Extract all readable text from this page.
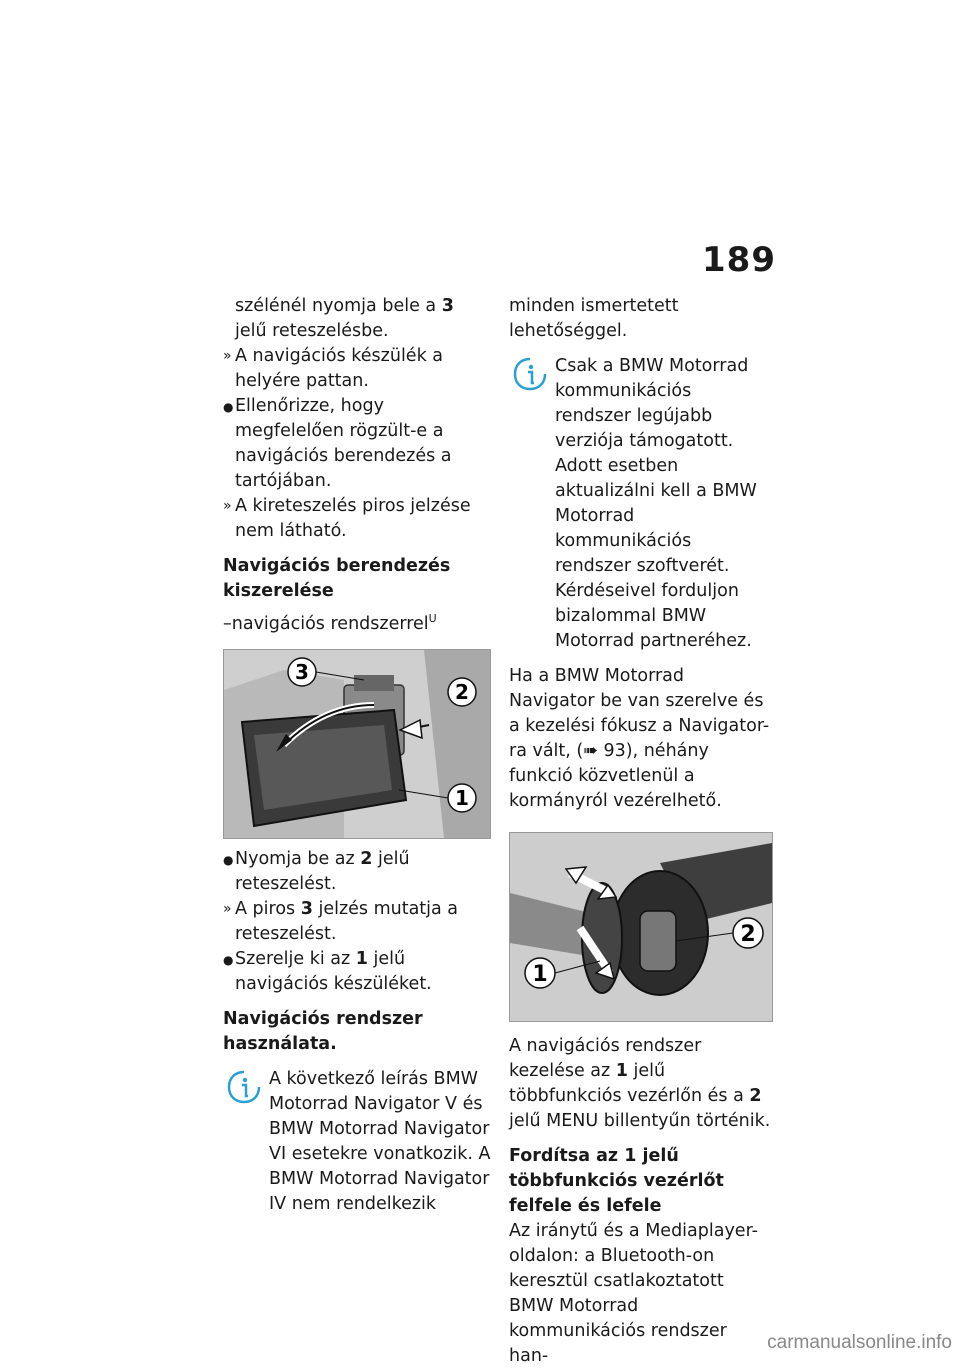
189

szélénél nyomja bele a 3 jelű reteszelésbe.

» A navigációs készülék a helyére pattan.
● Ellenőrizze, hogy megfelelően rögzült-e a navigációs berendezés a tartójában.
» A kireteszelés piros jelzése nem látható.

Navigációs berendezés kiszerelése

–navigációs rendszerrel$^U$

3
2
1
● Nyomja be az 2 jelű reteszelést.
» A piros 3 jelzés mutatja a reteszelést.
● Szerelje ki az 1 jelű navigációs készüléket.

Navigációs rendszer használata.

A következő leírás BMW Motorrad Navigator V és BMW Motorrad Navigator VI esetekre vonatkozik. A BMW Motorrad Navigator IV nem rendelkezik

minden ismertetett lehetőséggel.

Csak a BMW Motorrad kommunikációs rendszer legújabb verziója támogatott. Adott esetben aktualizálni kell a BMW Motorrad kommunikációs rendszer szoftverét. Kérdéseivel forduljon bizalommal BMW Motorrad partneréhez.

Ha a BMW Motorrad Navigator be van szerelve és a kezelési fókusz a Navigator-ra vált, (➠ 93), néhány funkció közvetlenül a kormányról vezérelhető.

2
1

A navigációs rendszer kezelése az 1 jelű többfunkciós vezérlőn és a 2 jelű MENU billentyűn történik.

Fordítsa az 1 jelű többfunkciós vezérlőt felfele és lefele

Az iránytű és a Mediaplayer-oldalon: a Bluetooth-on keresztül csatlakoztatott BMW Motorrad kommunikációs rendszer han-

carmanualsonline.info
